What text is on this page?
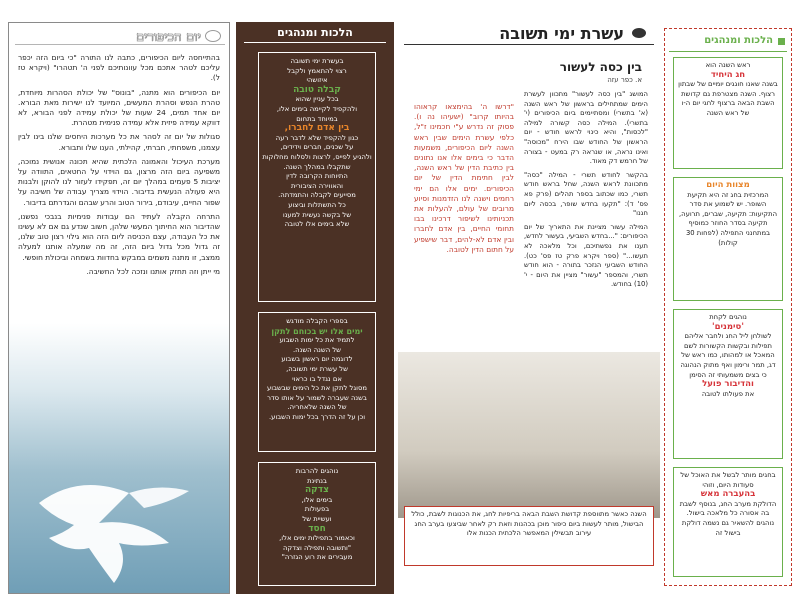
יום הכיפורים

בהתייחסה ליום הכיפורים, כתבה לנו התורה "כי ביום הזה יכפר עליכם לטהר אתכם מכל עוונותיכם לפני ה' תטהרו" (ויקרא טז ל).

יום הכיפורים הוא מתנה, "בונוס" של יכולת הסהרות מיוחדת, טהרת הנפש וסהרת המעשים, המיועד לנו ישירות מאת הבורא. יום אחד תמים, 24 שעות של יכולת עמידה לפני הבורא, לא דווקא עמידה פיזית אלא עמידה פנימית מטהרת.

סגולות של יום זה לסהר את כל מערכות היחסים שלנו בינו לבין עצמנו, משפחתי, חברתי, קהילתי, הענו שלו ותבורא.

מערכת העיכול והאמונה הלכתית שהיא תכונה אנושית נמוכה, משפיעה ביום הזה מרצון, גם הוידוי על החטאים, התוודה על יציבות 5 פעמים במהלך יום זה, תפקידו לעזור לנו להוקן ולבנות היא פעולה הנעשית בדיבור. הוידוי מצריך עבודה של חשיבה על שפור החיים, עיבודם, בירור הטוב והרע שבהם והגדרתם בדיבור.

התרחה הקבלה לעתיד הם עבודות פנימיות בנבכי נפשנו, שהדיבור הוא החיתוך המעשי שלהן, חשוב שנדע גם אם לא עשינו את כל העבודה, עצם הכניסה ליום הזה הוא גילוי רצון טוב שלנו, זה גדול מכל גדול ביום הזה, זה מה שמעלה אותנו למעלה ממצב, זו מתנה משמים במבקש בחדוות בשמחה וביכולת חופשי.

מי ייתן וזה תחזק אותנו ונזכה לכל החשיבה.

הלכות ומנהגים
בעשרת ימי תשובה
רצוי להתאמץ ולקבל
איזושהי
קבלה טובה
בכל עניין שהוא
ולהקפיד לקיימה בימים אלו,
במיוחד בתחום
בין אדם לחברו,
כגון להקפיד שלא לדבר רעה
על שכנים, חברים וידידים,
ולהגיע לפייס, לרצות ולסלוח מחלוקות
שתקבלו במהלך השנה.
התיוחות הקרובה לדין
והאווירה הציבורית
מסייעים לקבלה והתמדתה.
כל התשתלות וביצוע
של בקשה נעשית למענו
שלא בימים אלו לטובה
בספרי הקבלה מודגש
ימים אלו יש בכוחם לתקן
לתמיד את כל ימות השבוע
של השנה השנה.
לדוגמה יום ראשון בשבוע
של עשרת ימי תשובה,
אם נגדל בו כראוי
מסוגל לתקן את כל הימים שבשבוע
בשנה שעברה לשמור על אותו סדר
של השנה שלאחריה.
וכן על זה הדרך בכל ימות השבוע.
נוהגים להרבות
בנתינת
צדקה
בימים אלו,
בפעולות
ועשיית של
חסד
וכאמור בתפילות ימים אלו,
"ותשובה ותפילה וצדקה
מעבירים את רוע הגזרה"
עשרת ימי תשובה
בין כסה לעשור
א. כפר עזה

המושג "בין כסה לעשור" מתכוון לעשרת הימים שמתחילים בראשון של ראש השנה (א' בתשרי) ומסתיימים ביום הכיפורים (י' בתשרי). המילה כסה קשורה למילה "לכסות", והיא כינוי לראש חודש - יום הראשון של החודש שבו הירח "מכוסה" ואינו נראה, או שנראה רק במעט - בצורה של חרמש דק מאוד.

בהקשר לחודש תשרי - המילה "כסה" מתכוונת לראש השנה, שחל בראש חודש תשרי, כמו שכתוב בספר תהלים (פרק פא פס' ד): "תקעו בחדש שופר, בכסה ליום חגנו"

המילה עשור מציינת את התאריך של יום הכיפורים: "...בחדש השביעי, בעשור לחדש, תענו את נפשתיכם, וכל מלאכה לא תעשו..." (ספר ויקרא פרק טז פס' כט). החודש השביעי הנזכר בתורה - הוא חודש תשרי, והמספר "עשור" מציין את היום - י' (10) בחודש.

"דרשו ה' בהימצאו קראוהו בהיותו קרוב" (ישעיהו נה ו). פסוק זה נדרש ע"י חכמינו ז"ל, כלפי עשרת הימים שבין ראש השנה ליום הכיפורים, משמעות הדבר כי בימים אלו אנו נתונים בין כתיבת הדין של ראש השנה, לבין חתימת הדין של יום הכיפורים. ימים אלו הם ימי רחמים וישנה לנו הזדמנות וסיוע מרובים של עולם, להעלות את תכניותינו לשיפור דרכינו בבו תחומי החיים, בין אדם לחברו ובין אדם לא-להים, דבר שישפיע על חתום הדין לטובה.

השנה כאשר מתווספת קדושת השבת הבאה בריפיות לחג, את הכנוגות לשבת, כולל הבישול, מותר לעשות ביום כיפור מוכן בכהנות וזאת רק לאחר שביצעו בערב החג עירוב תבשילין המאפשר הלכתית הכנות אלו
הלכות ומנהגים
ראש השנה הוא
חג היחיד
בשנה שאנו חוגגים יומיים של שבתון רצוף. השנה מצטרפת גם קדושת השבת הבאה ברצוף לחגי יום ה-ו של ראש השנה
מצוות היום
המרכזית בחג זה היא תקיעת השופר. יש לשמוע את סדר התקיעות: תקיעה, שברים, תרועה, תקיעה בסדר החוזר כמוסיף במתחנני התפילה (לפחות 30 קולות)
נוהגים לקחת
'סימנים'
לשולחן ליל החג ולחבר אליהם תפילות ובקשות הקשורות לשם המאכל או למהותו, כמו ראש של דג, תמר ורימון ואף מתוק הנהוגה כי בצים משמעותי זה הסימן
והדיבור פועל
את פעולתו לטובה
בחגים מותר לבשל את האוכל של סעודות היום, וזוהי
בהעברה מאש
הדולקת מערב החג, בנוסף לשבת בה אסורה כל מלאכה בישול. נוהגים להשאיר גם נשמה דולקת בישול זה
